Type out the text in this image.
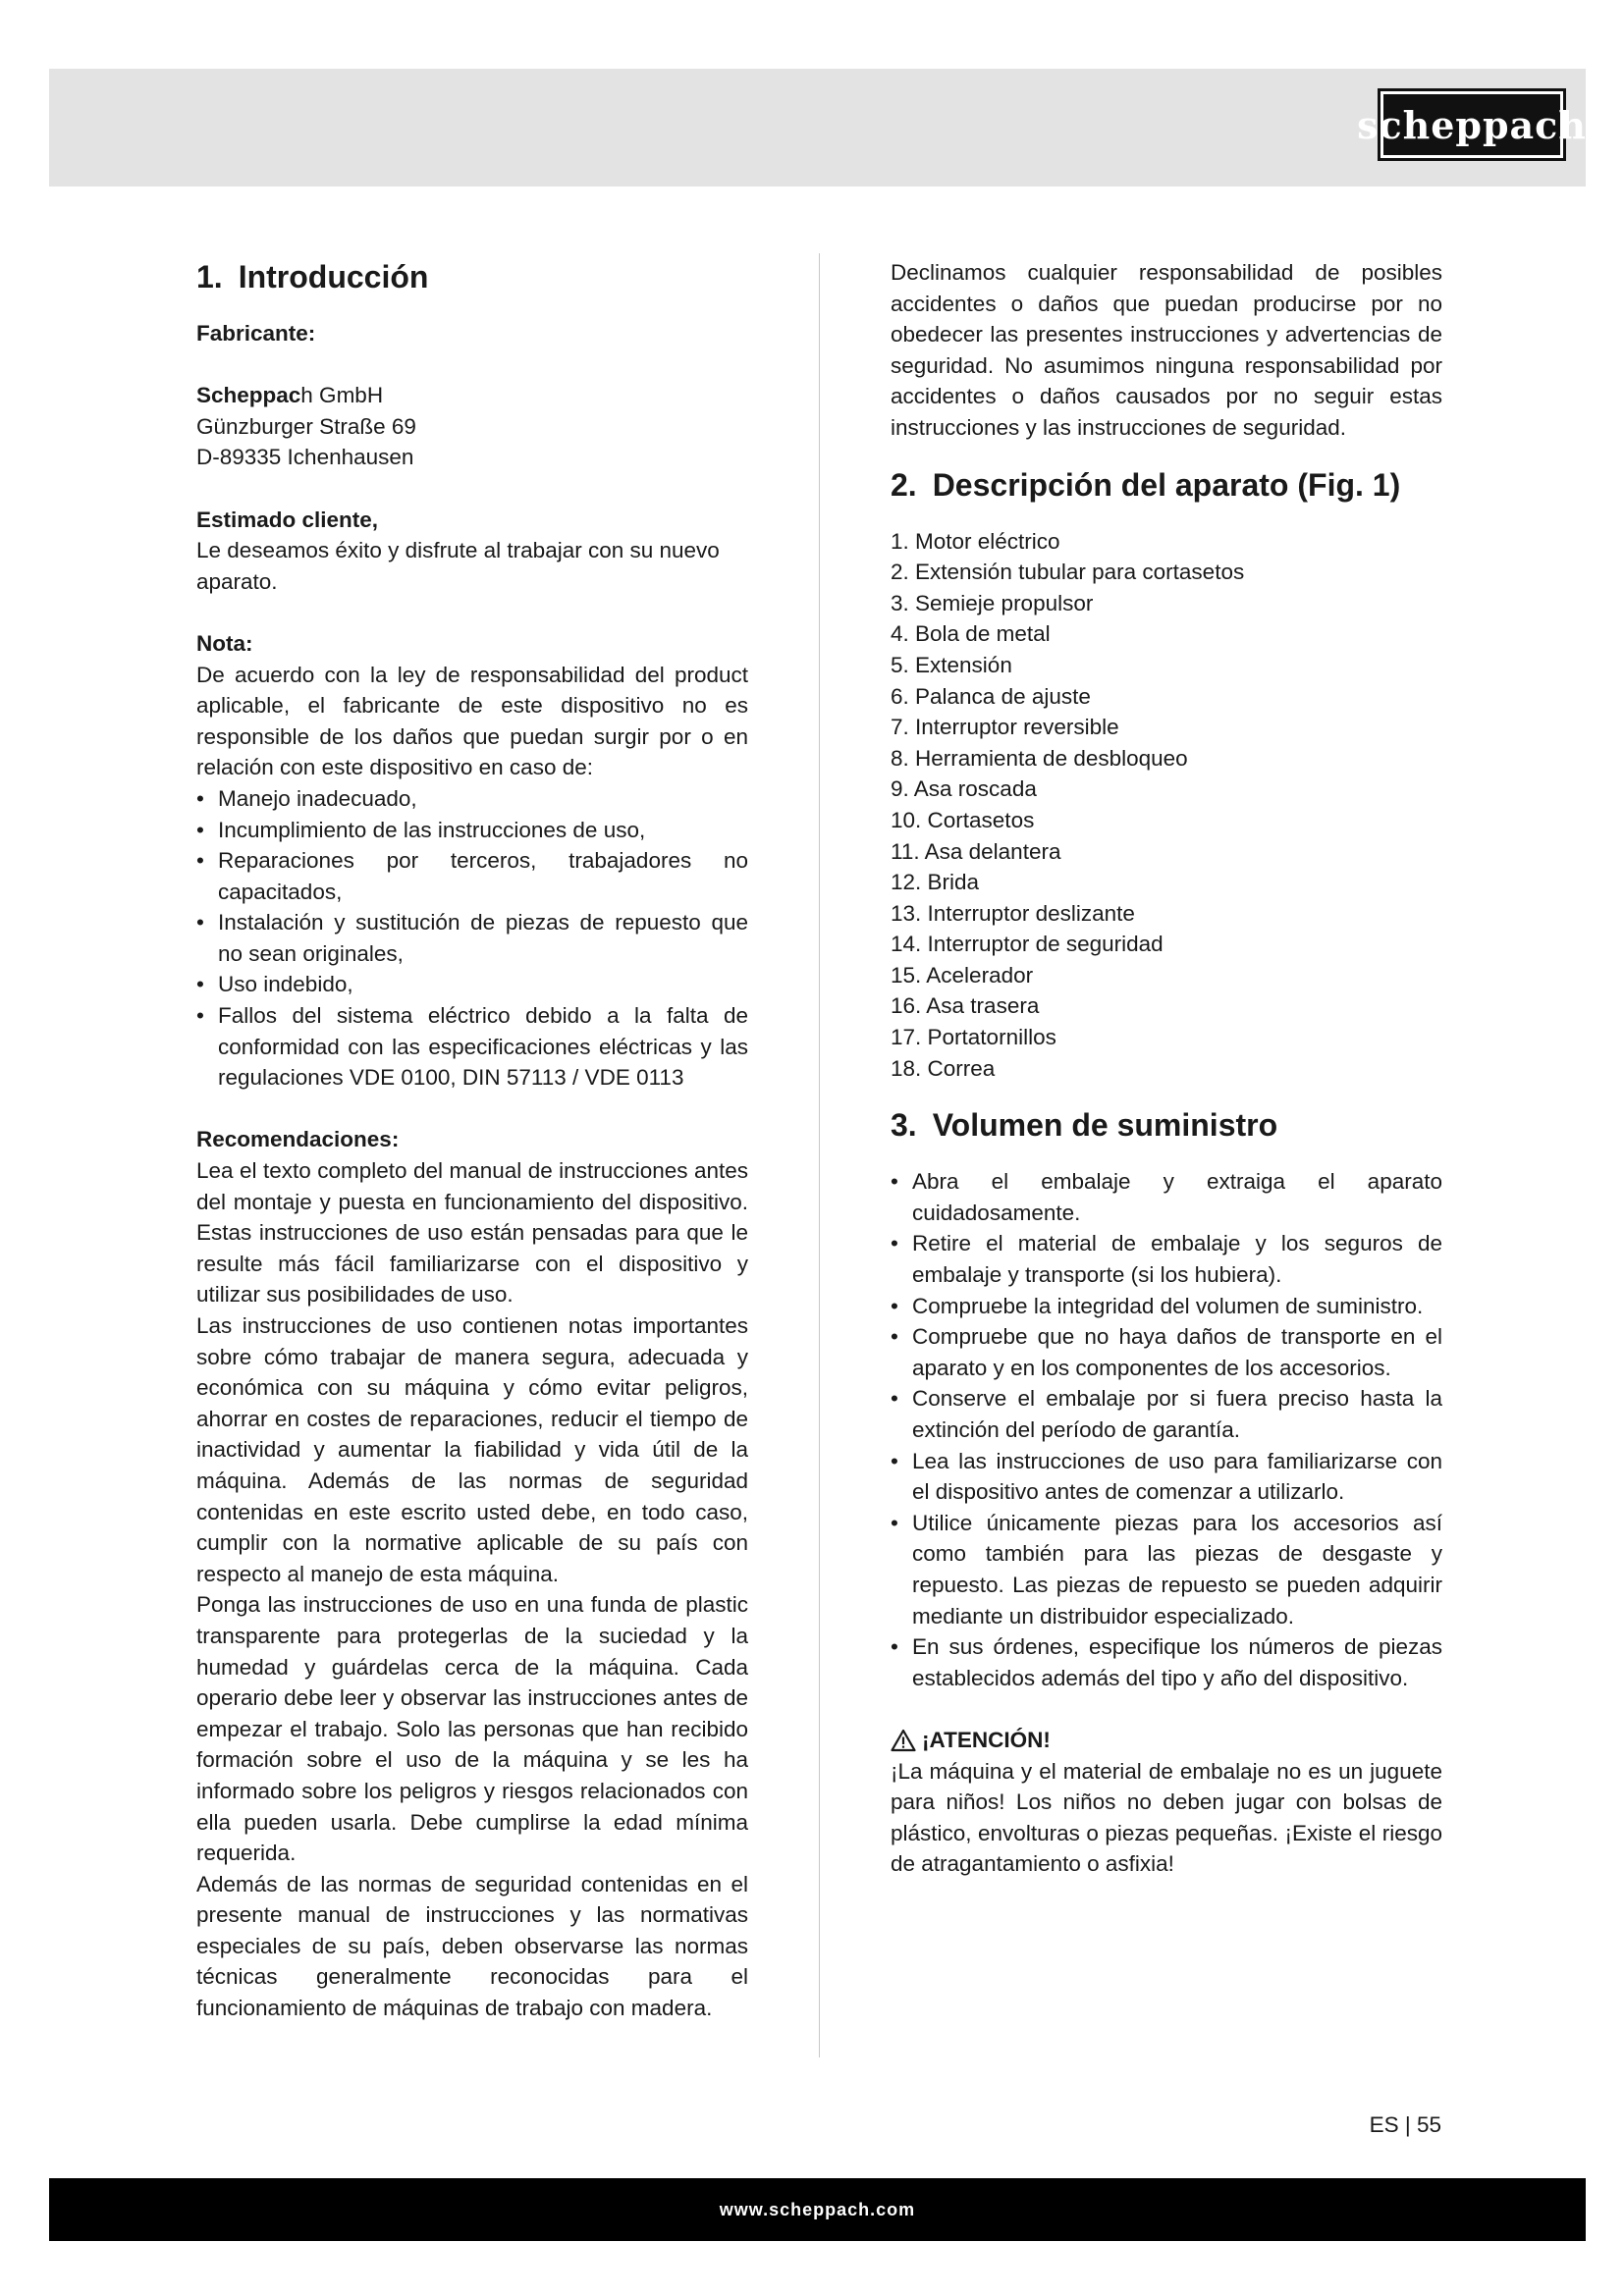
scheppach
1. Introducción

Fabricante:

Scheppach GmbH

Günzburger Straße 69

D-89335 Ichenhausen

Estimado cliente,

Le deseamos éxito y disfrute al trabajar con su nuevo aparato.

Nota:

De acuerdo con la ley de responsabilidad del product aplicable, el fabricante de este dispositivo no es responsible de los daños que puedan surgir por o en relación con este dispositivo en caso de:

• Manejo inadecuado,
• Incumplimiento de las instrucciones de uso,
• Reparaciones por terceros, trabajadores no capacitados,
• Instalación y sustitución de piezas de repuesto que no sean originales,
• Uso indebido,
• Fallos del sistema eléctrico debido a la falta de conformidad con las especificaciones eléctricas y las regulaciones VDE 0100, DIN 57113 / VDE 0113

Recomendaciones:

Lea el texto completo del manual de instrucciones antes del montaje y puesta en funcionamiento del dispositivo. Estas instrucciones de uso están pensadas para que le resulte más fácil familiarizarse con el dispositivo y utilizar sus posibilidades de uso.

Las instrucciones de uso contienen notas importantes sobre cómo trabajar de manera segura, adecuada y económica con su máquina y cómo evitar peligros, ahorrar en costes de reparaciones, reducir el tiempo de inactividad y aumentar la fiabilidad y vida útil de la máquina. Además de las normas de seguridad contenidas en este escrito usted debe, en todo caso, cumplir con la normative aplicable de su país con respecto al manejo de esta máquina.

Ponga las instrucciones de uso en una funda de plastic transparente para protegerlas de la suciedad y la humedad y guárdelas cerca de la máquina. Cada operario debe leer y observar las instrucciones antes de empezar el trabajo. Solo las personas que han recibido formación sobre el uso de la máquina y se les ha informado sobre los peligros y riesgos relacionados con ella pueden usarla. Debe cumplirse la edad mínima requerida.

Además de las normas de seguridad contenidas en el presente manual de instrucciones y las normativas especiales de su país, deben observarse las normas técnicas generalmente reconocidas para el funcionamiento de máquinas de trabajo con madera.

Declinamos cualquier responsabilidad de posibles accidentes o daños que puedan producirse por no obedecer las presentes instrucciones y advertencias de seguridad. No asumimos ninguna responsabilidad por accidentes o daños causados por no seguir estas instrucciones y las instrucciones de seguridad.

2. Descripción del aparato (Fig. 1)
1. Motor eléctrico
2. Extensión tubular para cortasetos
3. Semieje propulsor
4. Bola de metal
5. Extensión
6. Palanca de ajuste
7. Interruptor reversible
8. Herramienta de desbloqueo
9. Asa roscada
10. Cortasetos
11. Asa delantera
12. Brida
13. Interruptor deslizante
14. Interruptor de seguridad
15. Acelerador
16. Asa trasera
17. Portatornillos
18. Correa
3. Volumen de suministro
• Abra el embalaje y extraiga el aparato cuidadosamente.
• Retire el material de embalaje y los seguros de embalaje y transporte (si los hubiera).
• Compruebe la integridad del volumen de suministro.
• Compruebe que no haya daños de transporte en el aparato y en los componentes de los accesorios.
• Conserve el embalaje por si fuera preciso hasta la extinción del período de garantía.
• Lea las instrucciones de uso para familiarizarse con el dispositivo antes de comenzar a utilizarlo.
• Utilice únicamente piezas para los accesorios así como también para las piezas de desgaste y repuesto. Las piezas de repuesto se pueden adquirir mediante un distribuidor especializado.
• En sus órdenes, especifique los números de piezas establecidos además del tipo y año del dispositivo.
¡ATENCIÓN!

¡La máquina y el material de embalaje no es un juguete para niños! Los niños no deben jugar con bolsas de plástico, envolturas o piezas pequeñas. ¡Existe el riesgo de atragantamiento o asfixia!

ES | 55
www.scheppach.com
